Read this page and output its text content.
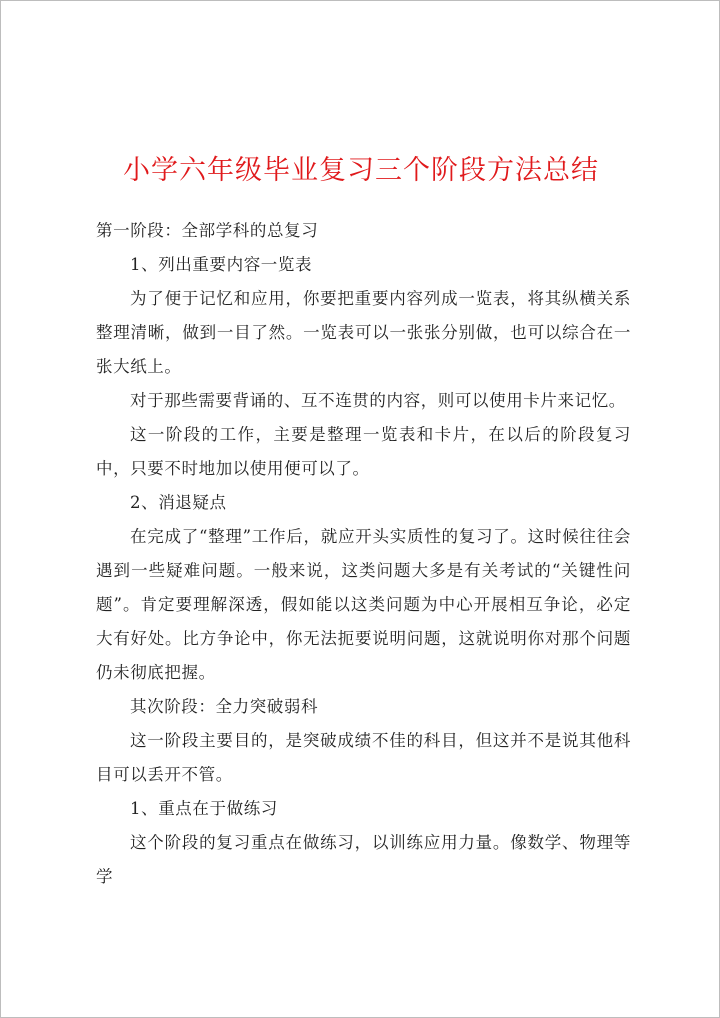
小学六年级毕业复习三个阶段方法总结

第一阶段：全部学科的总复习

1、列出重要内容一览表

为了便于记忆和应用，你要把重要内容列成一览表，将其纵横关系整理清晰，做到一目了然。一览表可以一张张分别做，也可以综合在一张大纸上。

对于那些需要背诵的、互不连贯的内容，则可以使用卡片来记忆。

这一阶段的工作，主要是整理一览表和卡片，在以后的阶段复习中，只要不时地加以使用便可以了。

2、消退疑点

在完成了“整理”工作后，就应开头实质性的复习了。这时候往往会遇到一些疑难问题。一般来说，这类问题大多是有关考试的“关键性问题”。肯定要理解深透，假如能以这类问题为中心开展相互争论，必定大有好处。比方争论中，你无法扼要说明问题，这就说明你对那个问题仍未彻底把握。

其次阶段：全力突破弱科

这一阶段主要目的，是突破成绩不佳的科目，但这并不是说其他科目可以丢开不管。

1、重点在于做练习

这个阶段的复习重点在做练习，以训练应用力量。像数学、物理等学
